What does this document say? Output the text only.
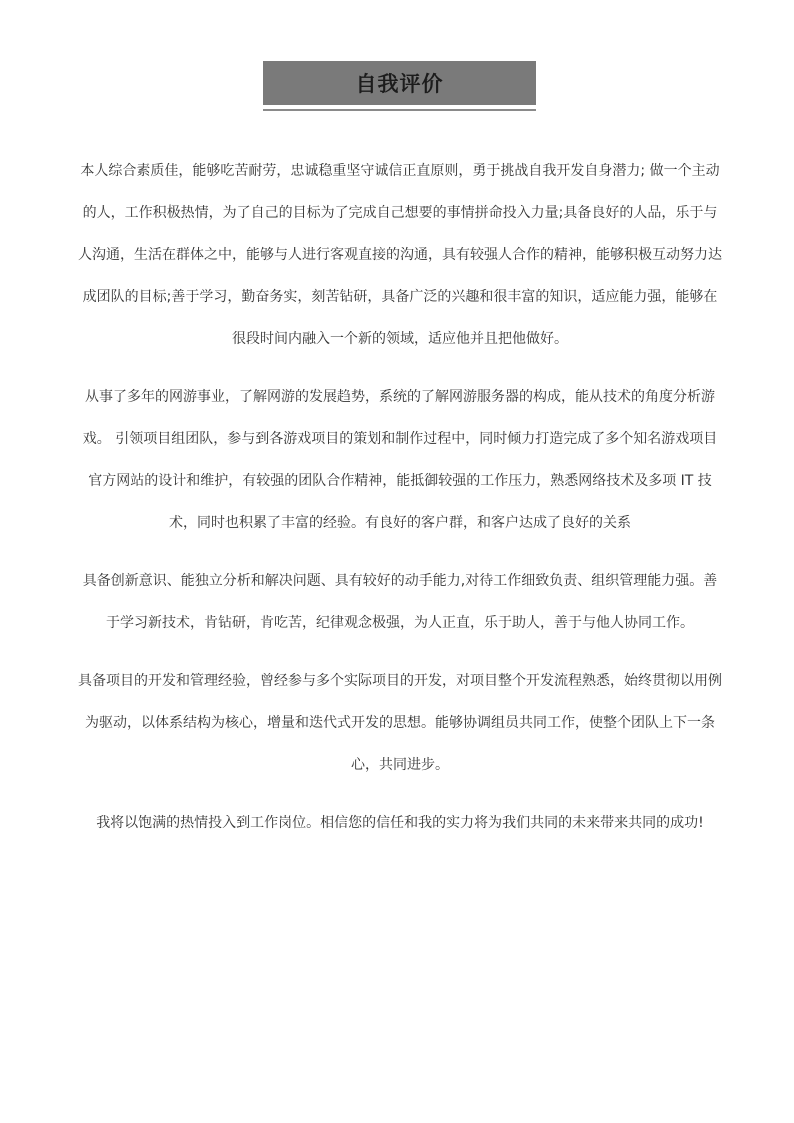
自我评价

本人综合素质佳，能够吃苦耐劳，忠诚稳重坚守诚信正直原则，勇于挑战自我开发自身潜力; 做一个主动的人，工作积极热情，为了自己的目标为了完成自己想要的事情拼命投入力量;具备良好的人品，乐于与人沟通，生活在群体之中，能够与人进行客观直接的沟通，具有较强人合作的精神，能够积极互动努力达成团队的目标;善于学习，勤奋务实，刻苦钻研，具备广泛的兴趣和很丰富的知识，适应能力强，能够在很段时间内融入一个新的领域，适应他并且把他做好。

从事了多年的网游事业，了解网游的发展趋势，系统的了解网游服务器的构成，能从技术的角度分析游戏。 引领项目组团队，参与到各游戏项目的策划和制作过程中，同时倾力打造完成了多个知名游戏项目官方网站的设计和维护，有较强的团队合作精神，能抵御较强的工作压力，熟悉网络技术及多项 IT 技术，同时也积累了丰富的经验。有良好的客户群，和客户达成了良好的关系

具备创新意识、能独立分析和解决问题、具有较好的动手能力,对待工作细致负责、组织管理能力强。善于学习新技术，肯钻研，肯吃苦，纪律观念极强，为人正直，乐于助人，善于与他人协同工作。

具备项目的开发和管理经验，曾经参与多个实际项目的开发，对项目整个开发流程熟悉，始终贯彻以用例为驱动，以体系结构为核心，增量和迭代式开发的思想。能够协调组员共同工作，使整个团队上下一条心，共同进步。

我将以饱满的热情投入到工作岗位。相信您的信任和我的实力将为我们共同的未来带来共同的成功!
